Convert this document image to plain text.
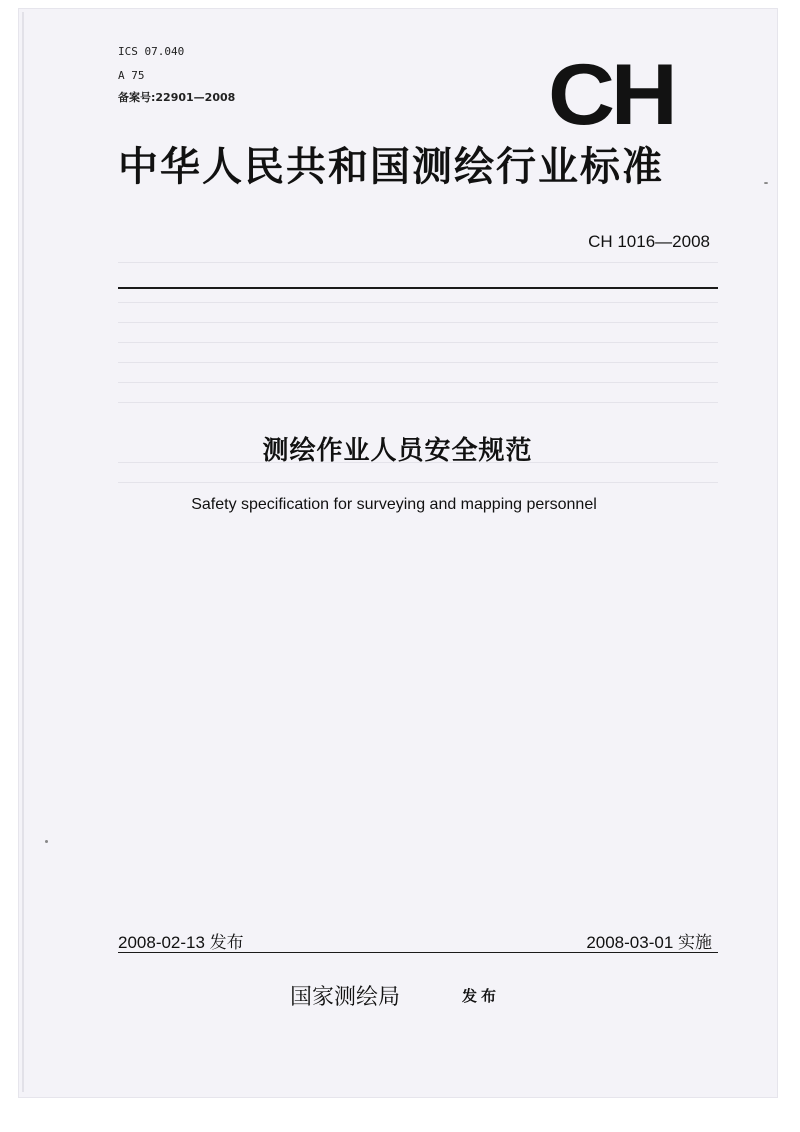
ICS 07.040
A 75
备案号:22901—2008	CH
中华人民共和国测绘行业标准
CH 1016—2008
测绘作业人员安全规范
Safety specification for surveying and mapping personnel
2008-02-13 发布	2008-03-01 实施
国家测绘局	发布
